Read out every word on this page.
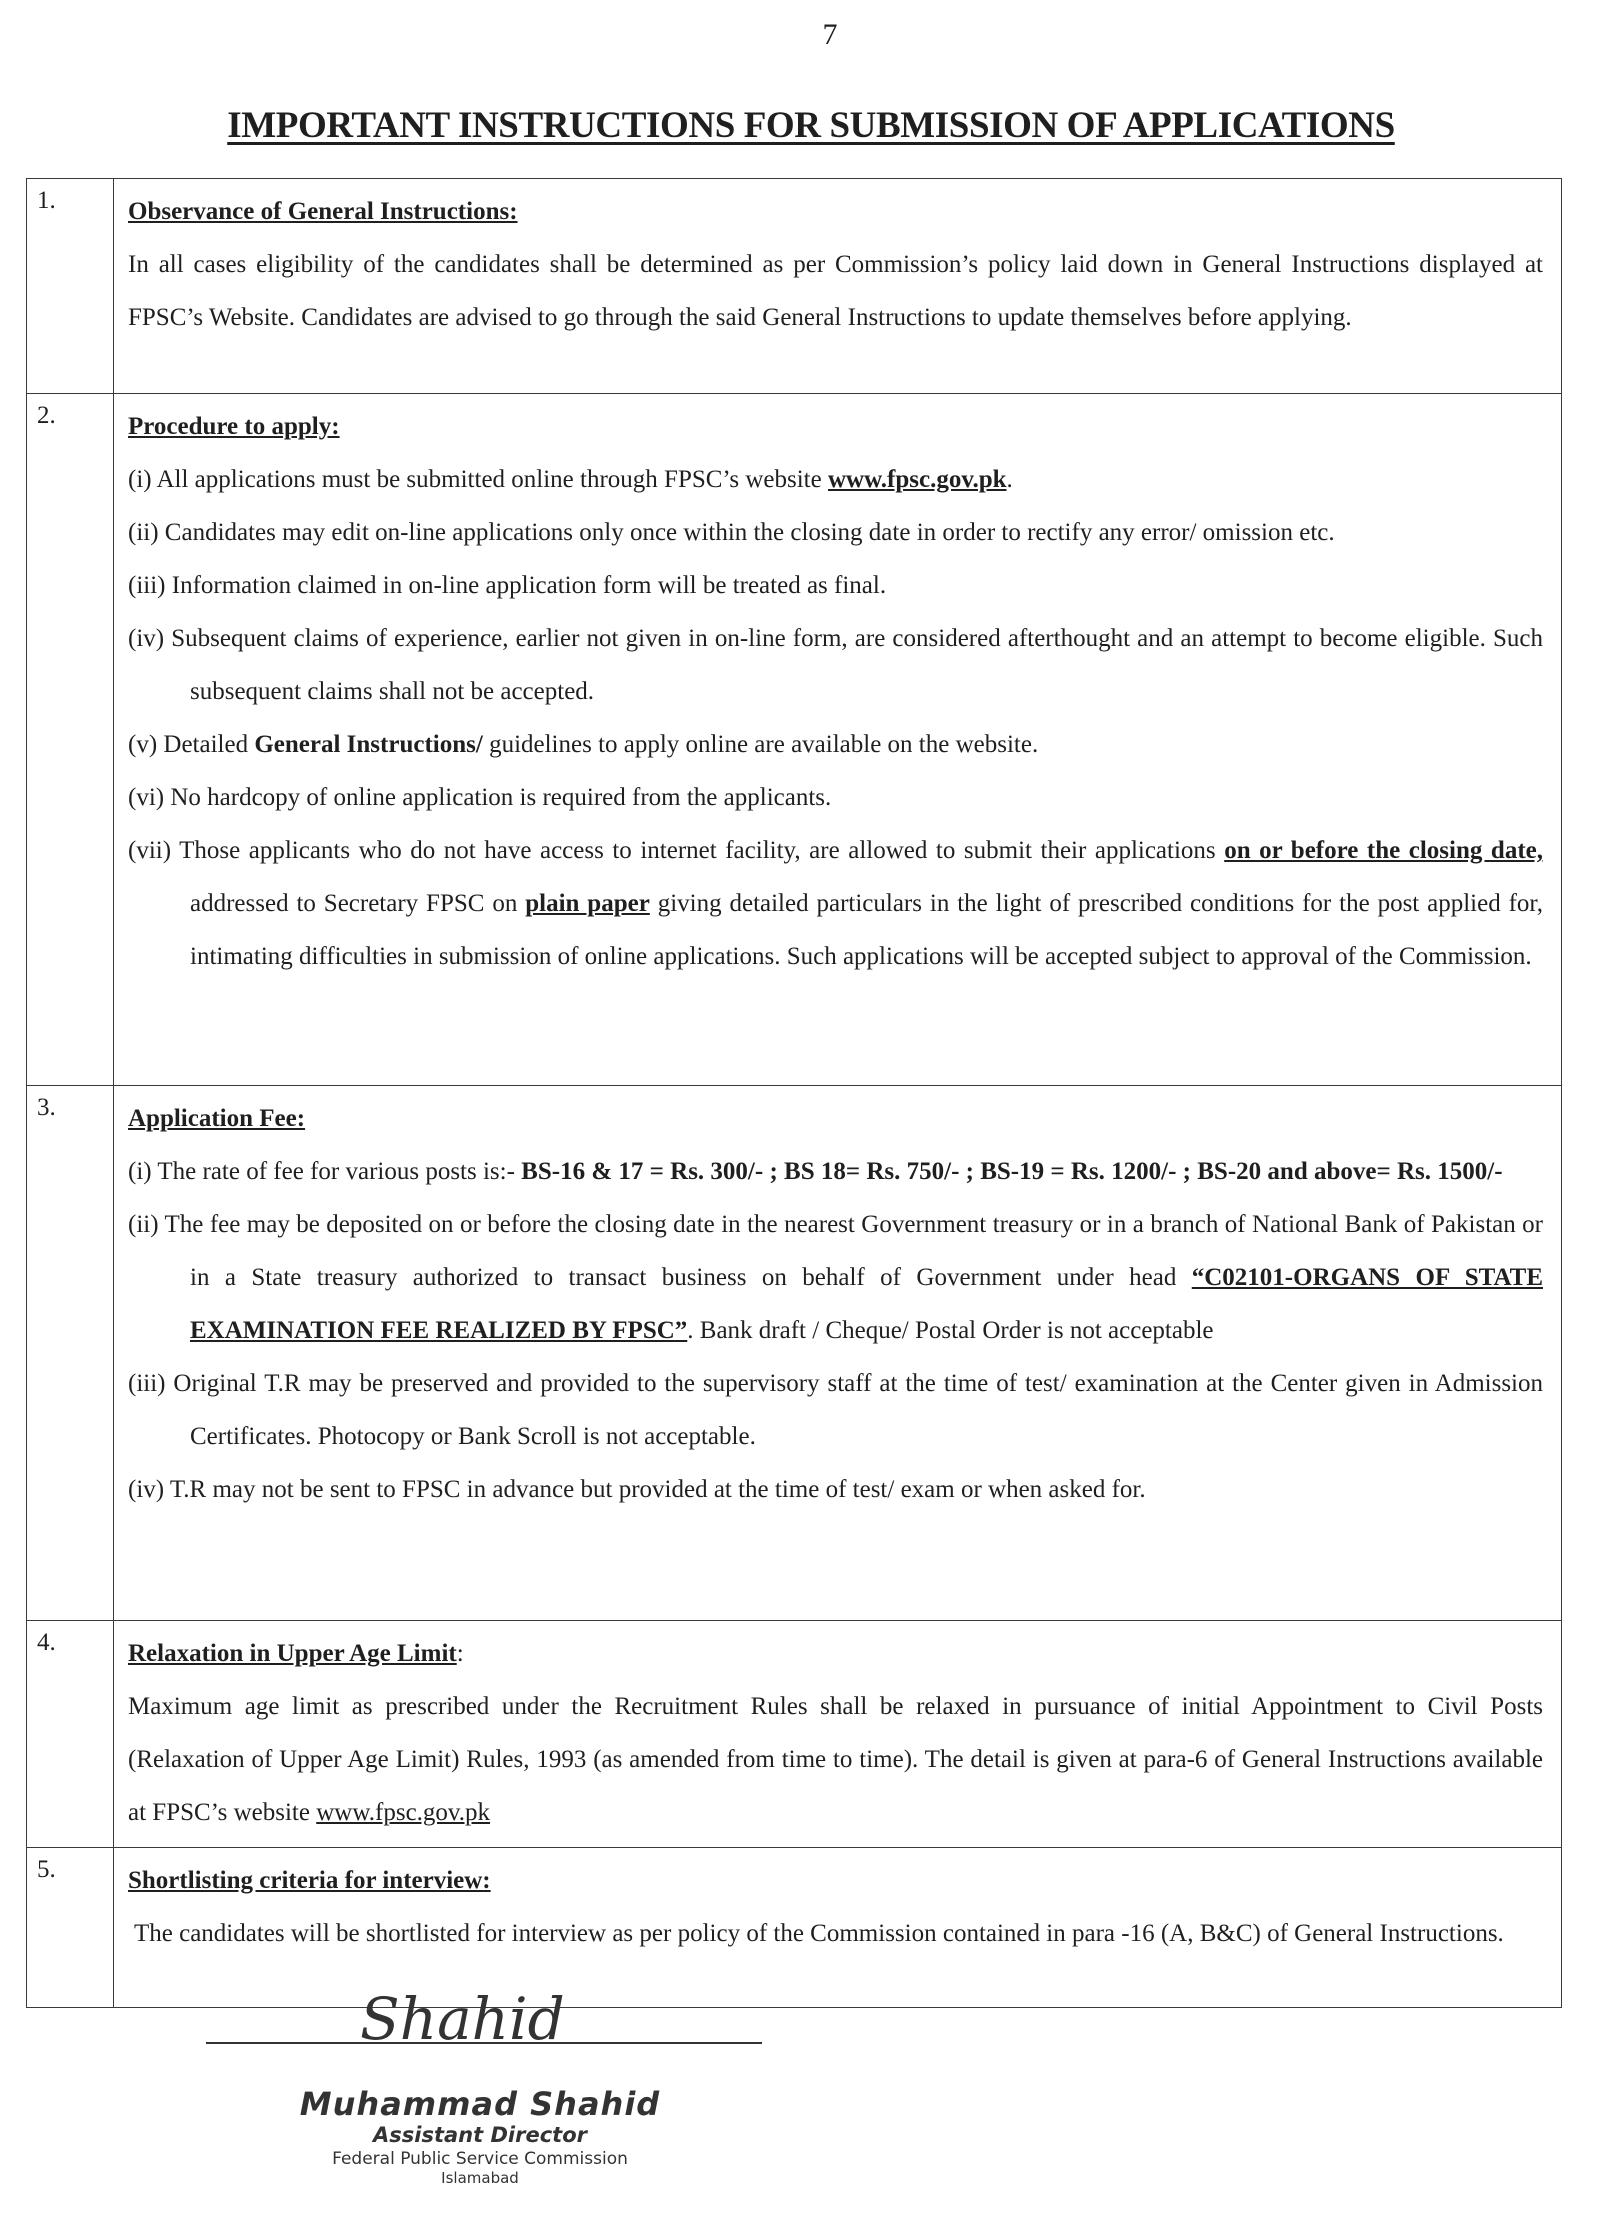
7
IMPORTANT INSTRUCTIONS FOR SUBMISSION OF APPLICATIONS
1.	Observance of General Instructions:
In all cases eligibility of the candidates shall be determined as per Commission’s policy laid down in General Instructions displayed at FPSC’s Website. Candidates are advised to go through the said General Instructions to update themselves before applying.

2.	Procedure to apply:
(i) All applications must be submitted online through FPSC’s website www.fpsc.gov.pk.
(ii) Candidates may edit on-line applications only once within the closing date in order to rectify any error/ omission etc.
(iii) Information claimed in on-line application form will be treated as final.
(iv) Subsequent claims of experience, earlier not given in on-line form, are considered afterthought and an attempt to become eligible. Such subsequent claims shall not be accepted.
(v) Detailed General Instructions/ guidelines to apply online are available on the website.
(vi) No hardcopy of online application is required from the applicants.
(vii) Those applicants who do not have access to internet facility, are allowed to submit their applications on or before the closing date, addressed to Secretary FPSC on plain paper giving detailed particulars in the light of prescribed conditions for the post applied for, intimating difficulties in submission of online applications. Such applications will be accepted subject to approval of the Commission.

3.	Application Fee:
(i) The rate of fee for various posts is:- BS-16 & 17 = Rs. 300/- ; BS 18= Rs. 750/- ; BS-19 = Rs. 1200/- ; BS-20 and above= Rs. 1500/-
(ii) The fee may be deposited on or before the closing date in the nearest Government treasury or in a branch of National Bank of Pakistan or in a State treasury authorized to transact business on behalf of Government under head “C02101-ORGANS OF STATE EXAMINATION FEE REALIZED BY FPSC”. Bank draft / Cheque/ Postal Order is not acceptable
(iii) Original T.R may be preserved and provided to the supervisory staff at the time of test/ examination at the Center given in Admission Certificates. Photocopy or Bank Scroll is not acceptable.
(iv) T.R may not be sent to FPSC in advance but provided at the time of test/ exam or when asked for.

4.	Relaxation in Upper Age Limit:
Maximum age limit as prescribed under the Recruitment Rules shall be relaxed in pursuance of initial Appointment to Civil Posts (Relaxation of Upper Age Limit) Rules, 1993 (as amended from time to time). The detail is given at para-6 of General Instructions available at FPSC’s website www.fpsc.gov.pk

5.	Shortlisting criteria for interview:
The candidates will be shortlisted for interview as per policy of the Commission contained in para -16 (A, B&C) of General Instructions.
Shahid
Muhammad Shahid
Assistant Director
Federal Public Service Commission
Islamabad
